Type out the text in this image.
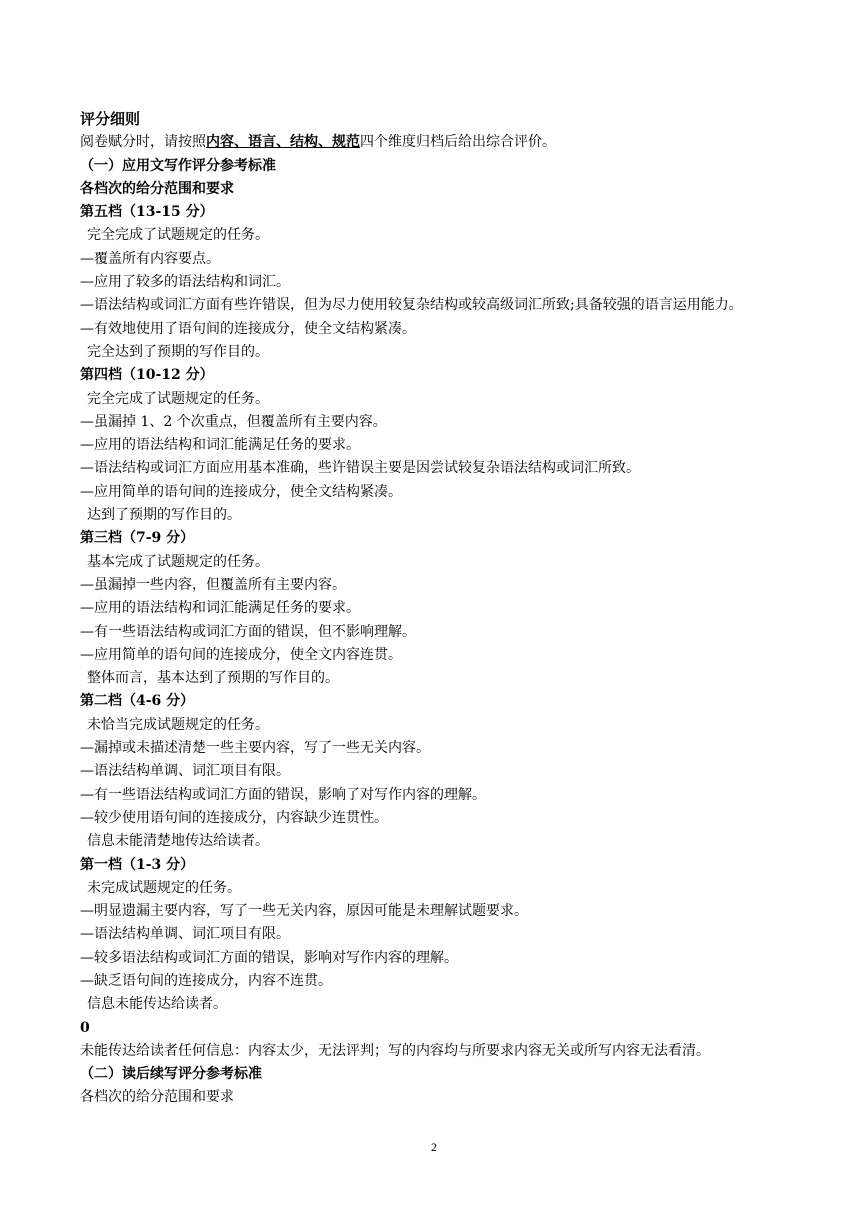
评分细则
阅卷赋分时，请按照内容、语言、结构、规范四个维度归档后给出综合评价。
（一）应用文写作评分参考标准
各档次的给分范围和要求
第五档（13-15 分）
完全完成了试题规定的任务。
—覆盖所有内容要点。
—应用了较多的语法结构和词汇。
—语法结构或词汇方面有些许错误，但为尽力使用较复杂结构或较高级词汇所致;具备较强的语言运用能力。
—有效地使用了语句间的连接成分，使全文结构紧凑。
完全达到了预期的写作目的。
第四档（10-12 分）
完全完成了试题规定的任务。
—虽漏掉 1、2 个次重点，但覆盖所有主要内容。
—应用的语法结构和词汇能满足任务的要求。
—语法结构或词汇方面应用基本准确，些许错误主要是因尝试较复杂语法结构或词汇所致。
—应用简单的语句间的连接成分，使全文结构紧凑。
达到了预期的写作目的。
第三档（7-9 分）
基本完成了试题规定的任务。
—虽漏掉一些内容，但覆盖所有主要内容。
—应用的语法结构和词汇能满足任务的要求。
—有一些语法结构或词汇方面的错误，但不影响理解。
—应用简单的语句间的连接成分，使全文内容连贯。
整体而言，基本达到了预期的写作目的。
第二档（4-6 分）
未恰当完成试题规定的任务。
—漏掉或未描述清楚一些主要内容，写了一些无关内容。
—语法结构单调、词汇项目有限。
—有一些语法结构或词汇方面的错误，影响了对写作内容的理解。
—较少使用语句间的连接成分，内容缺少连贯性。
信息未能清楚地传达给读者。
第一档（1-3 分）
未完成试题规定的任务。
—明显遗漏主要内容，写了一些无关内容，原因可能是未理解试题要求。
—语法结构单调、词汇项目有限。
—较多语法结构或词汇方面的错误，影响对写作内容的理解。
—缺乏语句间的连接成分，内容不连贯。
信息未能传达给读者。
0
未能传达给读者任何信息：内容太少，无法评判；写的内容均与所要求内容无关或所写内容无法看清。
（二）读后续写评分参考标准
各档次的给分范围和要求
2
